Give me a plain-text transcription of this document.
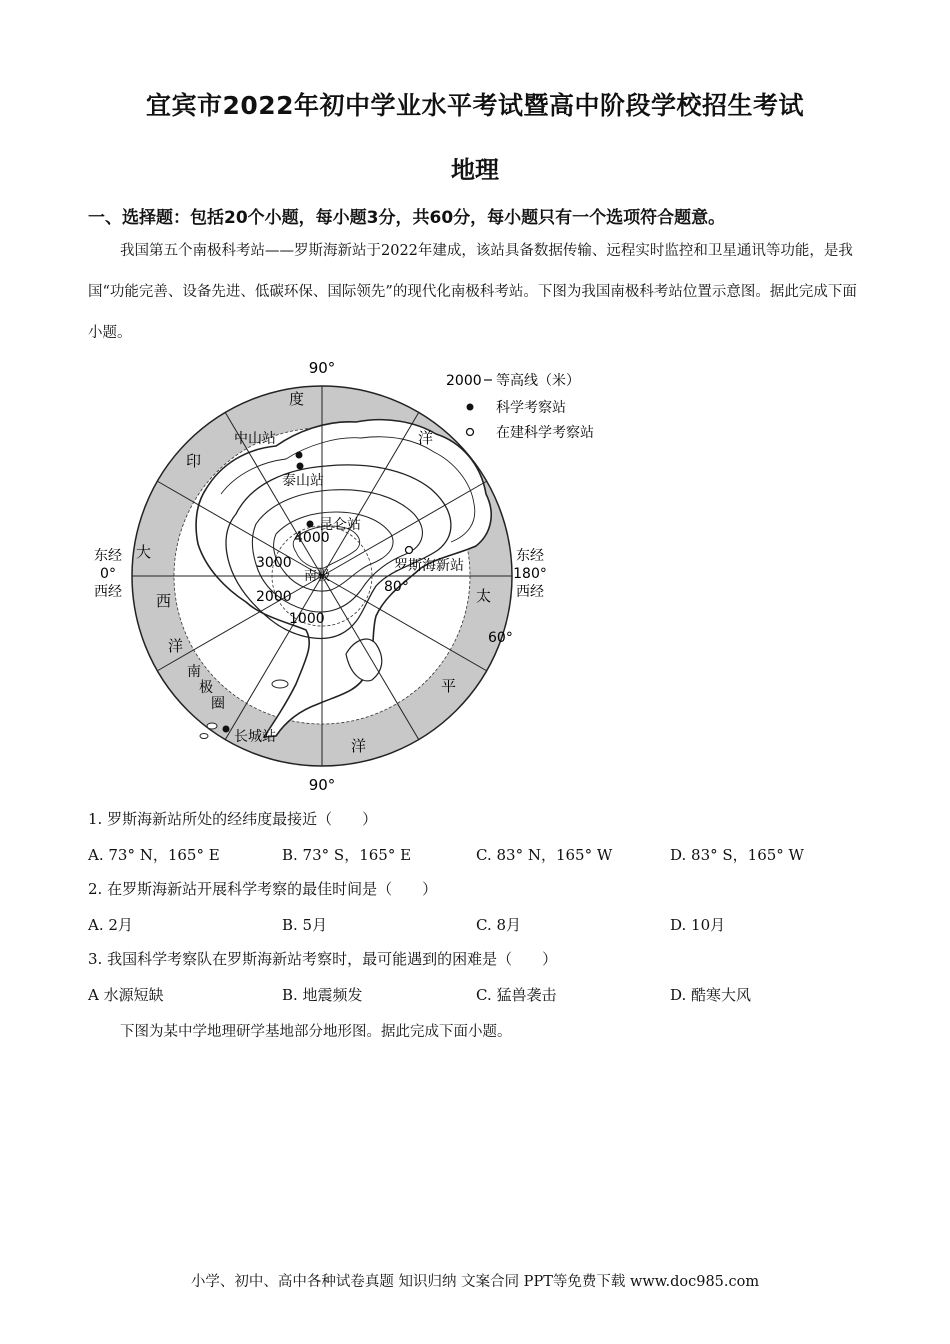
宜宾市2022年初中学业水平考试暨高中阶段学校招生考试
地理
一、选择题：包括20个小题，每小题3分，共60分，每小题只有一个选项符合题意。
我国第五个南极科考站——罗斯海新站于2022年建成，该站具备数据传输、远程实时监控和卫星通讯等功能，是我国“功能完善、设备先进、低碳环保、国际领先”的现代化南极科考站。下图为我国南极科考站位置示意图。据此完成下面小题。
90°
90°
东经
0°
西经
东经
180°
西经
80°
60°
印
度
洋
大
西
洋
太
平
洋
南
极
圈
南极
4000
3000
2000
1000
中山站
泰山站
昆仑站
罗斯海新站
长城站
2000 等高线（米）
科学考察站
在建科学考察站
1. 罗斯海新站所处的经纬度最接近（　　）
A. 73° N，165° E	B. 73° S，165° E	C. 83° N，165° W	D. 83° S，165° W
2. 在罗斯海新站开展科学考察的最佳时间是（　　）
A. 2月	B. 5月	C. 8月	D. 10月
3. 我国科学考察队在罗斯海新站考察时，最可能遇到的困难是（　　）
A 水源短缺	B. 地震频发	C. 猛兽袭击	D. 酷寒大风
下图为某中学地理研学基地部分地形图。据此完成下面小题。
小学、初中、高中各种试卷真题 知识归纳 文案合同 PPT等免费下载 www.doc985.com
